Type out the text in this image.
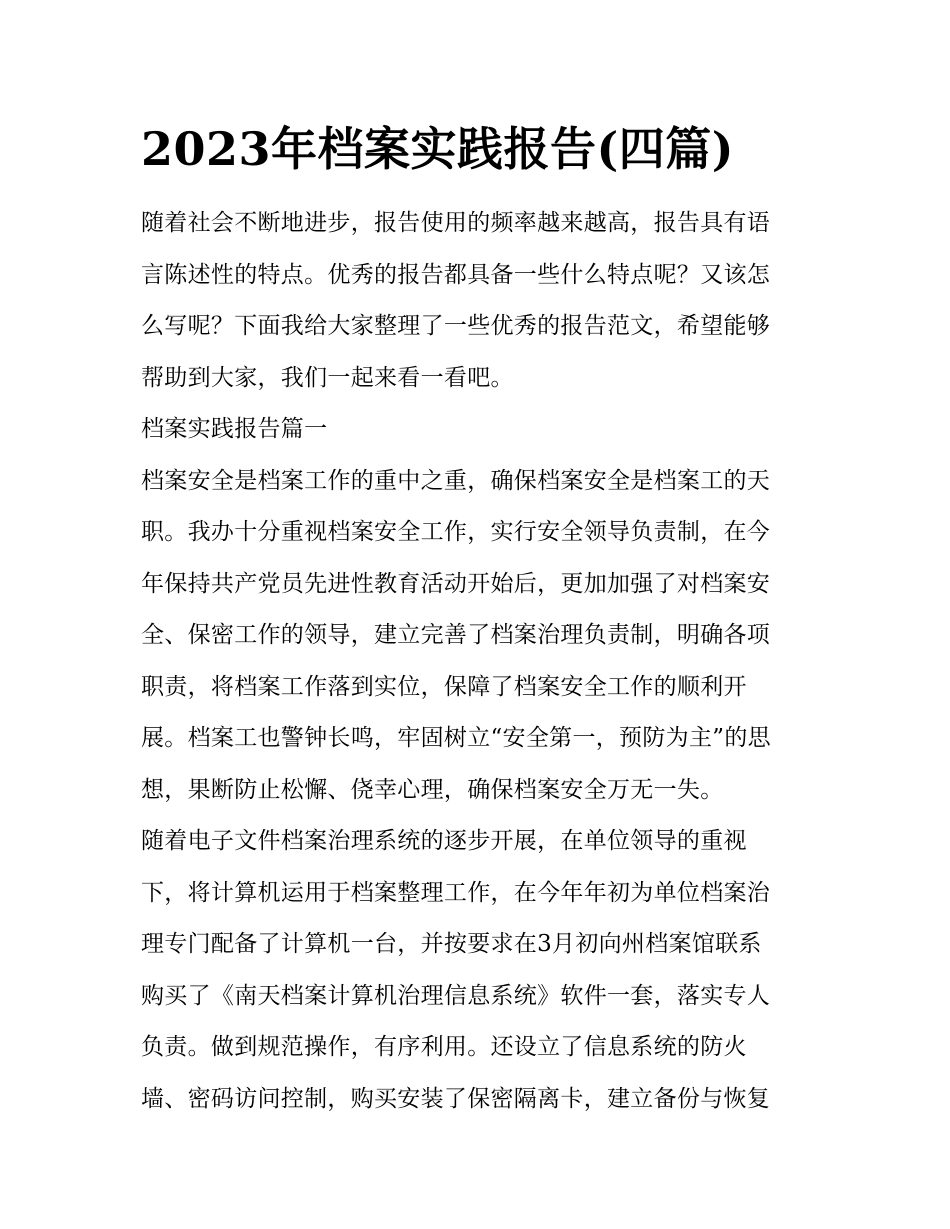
2023年档案实践报告(四篇)
随着社会不断地进步，报告使用的频率越来越高，报告具有语
言陈述性的特点。优秀的报告都具备一些什么特点呢？又该怎
么写呢？下面我给大家整理了一些优秀的报告范文，希望能够
帮助到大家，我们一起来看一看吧。
档案实践报告篇一
档案安全是档案工作的重中之重，确保档案安全是档案工的天
职。我办十分重视档案安全工作，实行安全领导负责制，在今
年保持共产党员先进性教育活动开始后，更加加强了对档案安
全、保密工作的领导，建立完善了档案治理负责制，明确各项
职责，将档案工作落到实位，保障了档案安全工作的顺利开
展。档案工也警钟长鸣，牢固树立“安全第一，预防为主”的思
想，果断防止松懈、侥幸心理，确保档案安全万无一失。
随着电子文件档案治理系统的逐步开展，在单位领导的重视
下，将计算机运用于档案整理工作，在今年年初为单位档案治
理专门配备了计算机一台，并按要求在3月初向州档案馆联系
购买了《南天档案计算机治理信息系统》软件一套，落实专人
负责。做到规范操作，有序利用。还设立了信息系统的防火
墙、密码访问控制，购买安装了保密隔离卡，建立备份与恢复
